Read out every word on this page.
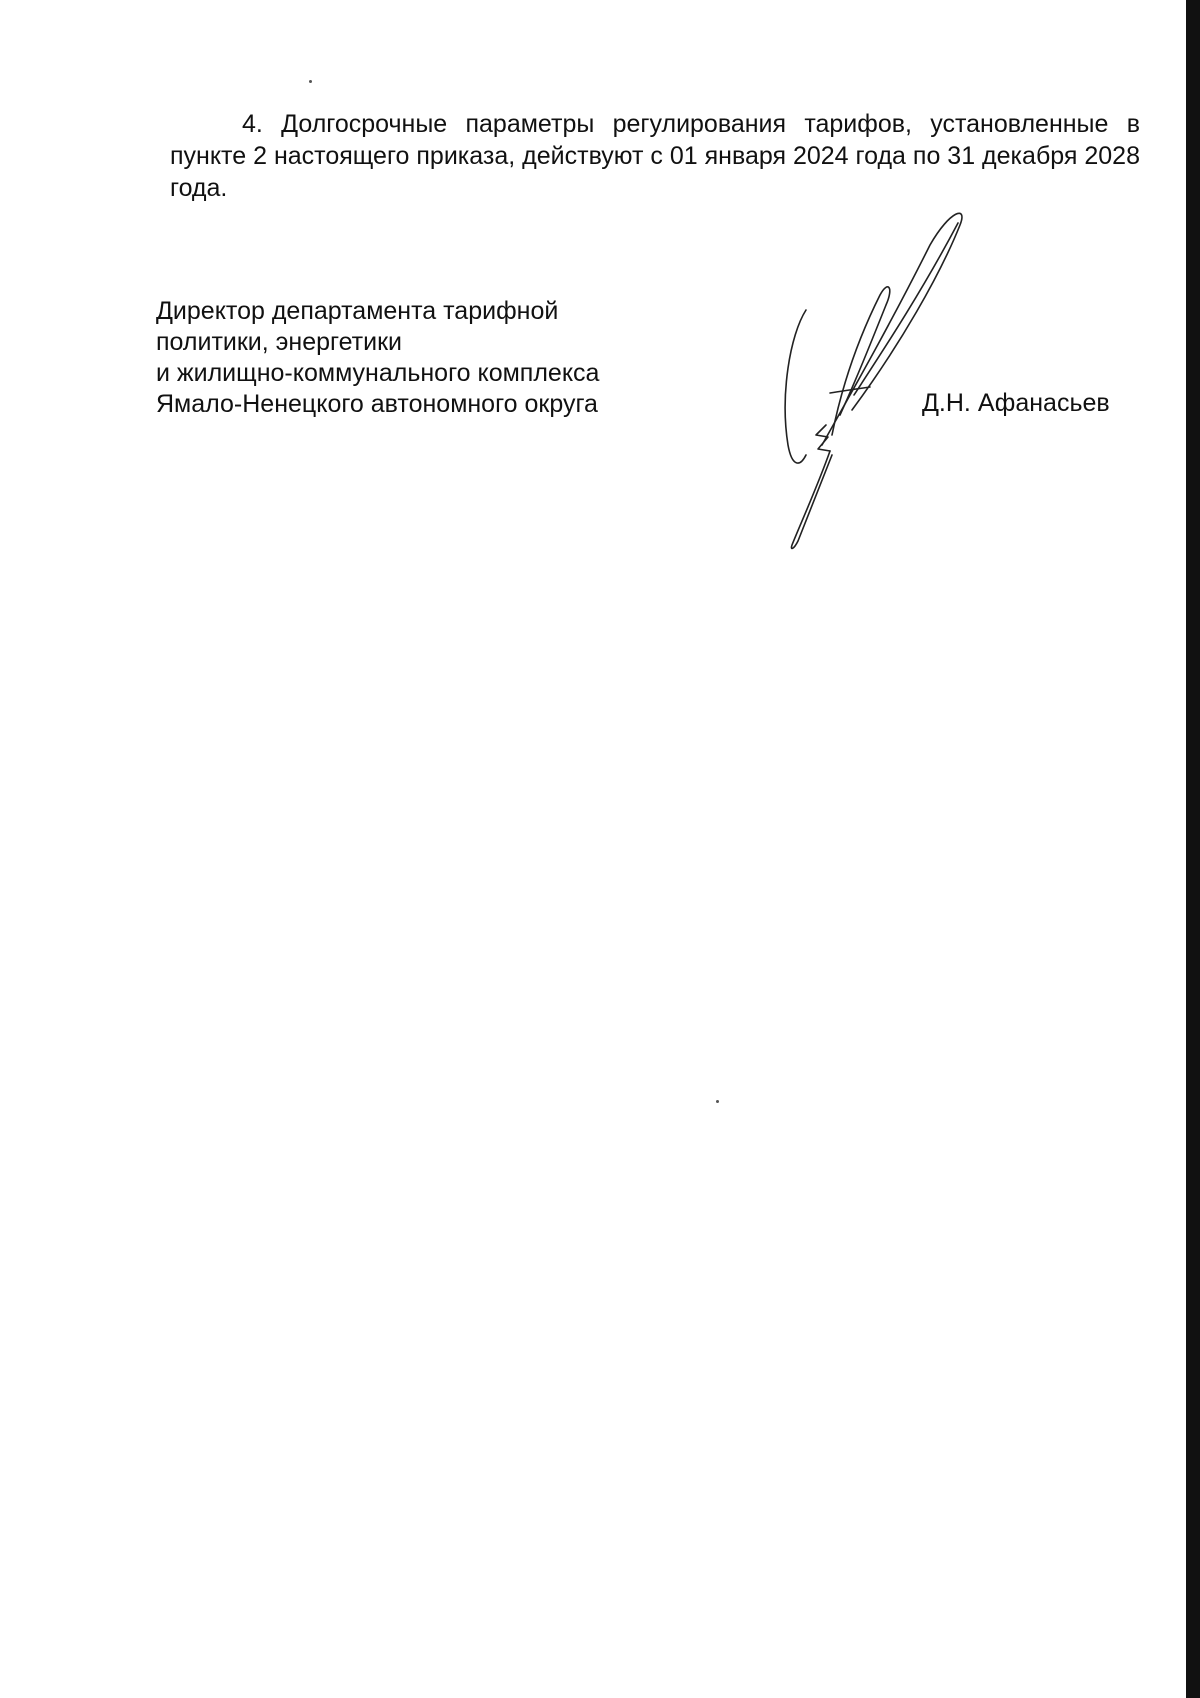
4. Долгосрочные параметры регулирования тарифов, установленные в пункте 2 настоящего приказа, действуют с 01 января 2024 года по 31 декабря 2028 года.

Директор департамента тарифной
политики, энергетики
и жилищно-коммунального комплекса
Ямало-Ненецкого автономного округа	Д.Н. Афанасьев
